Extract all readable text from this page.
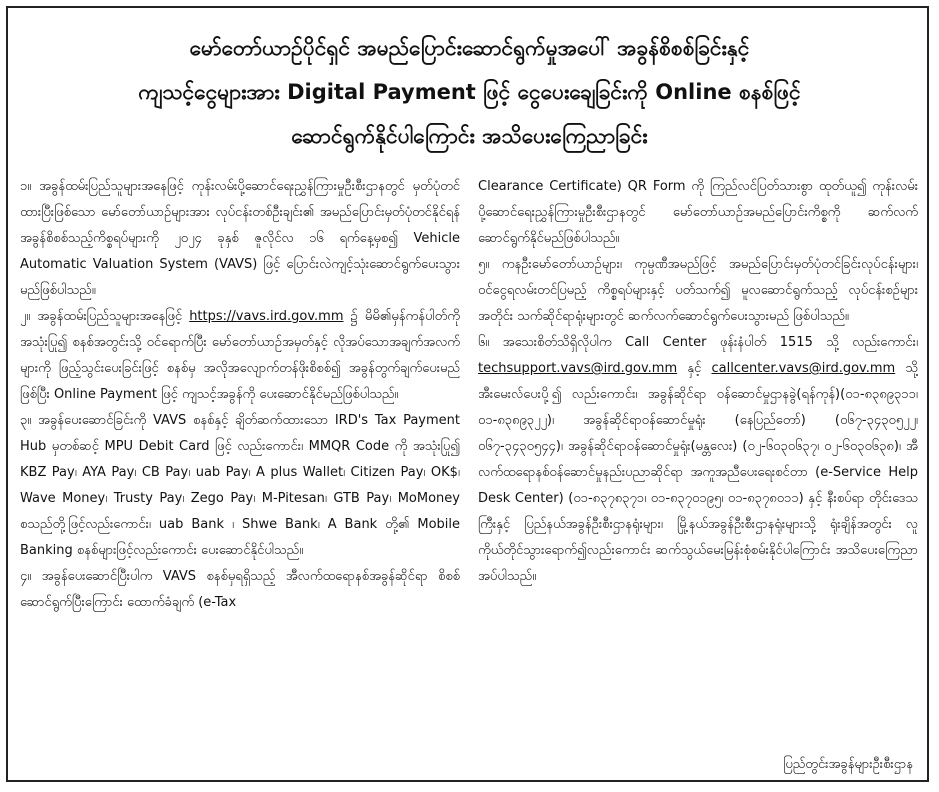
မော်တော်ယာဉ်ပိုင်ရှင် အမည်ပြောင်းဆောင်ရွက်မှုအပေါ် အခွန်စိစစ်ခြင်းနှင့်
ကျသင့်ငွေများအား Digital Payment ဖြင့် ငွေပေးချေခြင်းကို Online စနစ်ဖြင့်
ဆောင်ရွက်နိုင်ပါကြောင်း အသိပေးကြေညာခြင်း

၁။ အခွန်ထမ်းပြည်သူများအနေဖြင့် ကုန်းလမ်းပို့ဆောင်ရေးညွှန်ကြားမှုဦးစီးဌာနတွင် မှတ်ပုံတင်ထားပြီးဖြစ်သော မော်တော်ယာဉ်များအား လုပ်ငန်းတစ်ဦးချင်း၏ အမည်ပြောင်းမှတ်ပုံတင်နိုင်ရန် အခွန်စိစစ်သည့်ကိစ္စရပ်များကို ၂၀၂၄ ခုနှစ် ဇူလိုင်လ ၁၆ ရက်နေ့မှစ၍ Vehicle Automatic Valuation System (VAVS) ဖြင့် ပြောင်းလဲကျင့်သုံးဆောင်ရွက်ပေးသွားမည်ဖြစ်ပါသည်။

၂။ အခွန်ထမ်းပြည်သူများအနေဖြင့် https://vavs.ird.gov.mm ၌ မိမိ၏မှန်ကန်ပါတ်ကို အသုံးပြု၍ စနစ်အတွင်းသို့ ဝင်ရောက်ပြီး မော်တော်ယာဉ်အမှတ်နှင့် လိုအပ်သောအချက်အလက်များကို ဖြည့်သွင်းပေးခြင်းဖြင့် စနစ်မှ အလိုအလျောက်တန်ဖိုးစိစစ်၍ အခွန်တွက်ချက်ပေးမည်ဖြစ်ပြီး Online Payment ဖြင့် ကျသင့်အခွန်ကို ပေးဆောင်နိုင်မည်ဖြစ်ပါသည်။

၃။ အခွန်ပေးဆောင်ခြင်းကို VAVS စနစ်နှင့် ချိတ်ဆက်ထားသော IRD's Tax Payment Hub မှတစ်ဆင့် MPU Debit Card ဖြင့် လည်းကောင်း၊ MMQR Code ကို အသုံးပြု၍ KBZ Pay၊ AYA Pay၊ CB Pay၊ uab Pay၊ A plus Wallet၊ Citizen Pay၊ OK$၊ Wave Money၊ Trusty Pay၊ Zego Pay၊ M-Pitesan၊ GTB Pay၊ MoMoney စသည်တို့ဖြင့်လည်းကောင်း၊ uab Bank ၊ Shwe Bank၊ A Bank တို့၏ Mobile Banking စနစ်များဖြင့်လည်းကောင်း ပေးဆောင်နိုင်ပါသည်။

၄။ အခွန်ပေးဆောင်ပြီးပါက VAVS စနစ်မှရရှိသည့် အီလက်ထရောနစ်အခွန်ဆိုင်ရာ စိစစ်ဆောင်ရွက်ပြီးကြောင်း ထောက်ခံချက် (e-Tax

Clearance Certificate) QR Form ကို ကြည်လင်ပြတ်သားစွာ ထုတ်ယူ၍ ကုန်းလမ်းပို့ဆောင်ရေးညွှန်ကြားမှုဦးစီးဌာနတွင် မော်တော်ယာဉ်အမည်ပြောင်းကိစ္စကို ဆက်လက်ဆောင်ရွက်နိုင်မည်ဖြစ်ပါသည်။

၅။ ကနဦးမော်တော်ယာဉ်များ၊ ကုမ္ပဏီအမည်ဖြင့် အမည်ပြောင်းမှတ်ပုံတင်ခြင်းလုပ်ငန်းများ၊ ဝင်ငွေရလမ်းတင်ပြမည့် ကိစ္စရပ်များနှင့် ပတ်သက်၍ မူလဆောင်ရွက်သည့် လုပ်ငန်းစဉ်များအတိုင်း သက်ဆိုင်ရာရုံးများတွင် ဆက်လက်ဆောင်ရွက်ပေးသွားမည် ဖြစ်ပါသည်။

၆။ အသေးစိတ်သိရှိလိုပါက Call Center ဖုန်းနံပါတ် 1515 သို့ လည်းကောင်း၊ techsupport.vavs@ird.gov.mm နှင့် callcenter.vavs@ird.gov.mm သို့ အီးမေးလ်ပေးပို့၍ လည်းကောင်း၊ အခွန်ဆိုင်ရာ ဝန်ဆောင်မှုဌာနခွဲ(ရန်ကုန်)(၀၁-၈၃၈၉၃၁၁၊ ၀၁-၈၃၈၉၃၂၂)၊ အခွန်ဆိုင်ရာဝန်ဆောင်မှုရုံး (နေပြည်တော်) (၀၆၇-၃၄၃၀၅၂၂၊ ၀၆၇-၃၄၃၀၅၄၄)၊ အခွန်ဆိုင်ရာဝန်ဆောင်မှုရုံး(မန္တလေး) (၀၂-၆၀၃၀၆၃၇၊ ၀၂-၆၀၃၀၆၃၈)၊ အီလက်ထရောနစ်ဝန်ဆောင်မှုနည်းပညာဆိုင်ရာ အကူအညီပေးရေးစင်တာ (e-Service Help Desk Center) (၀၁-၈၃၇၈၃၇၁၊ ၀၁-၈၃၇၀၁၉၅၊ ၀၁-၈၃၇၈၀၁၁) နှင့် နီးစပ်ရာ တိုင်းဒေသကြီးနှင့် ပြည်နယ်အခွန်ဦးစီးဌာနရုံးများ၊ မြို့နယ်အခွန်ဦးစီးဌာနရုံးများသို့ ရုံးချိန်အတွင်း လူကိုယ်တိုင်သွားရောက်၍လည်းကောင်း ဆက်သွယ်မေးမြန်းစုံစမ်းနိုင်ပါကြောင်း အသိပေးကြေညာအပ်ပါသည်။

ပြည်တွင်းအခွန်များဦးစီးဌာန
